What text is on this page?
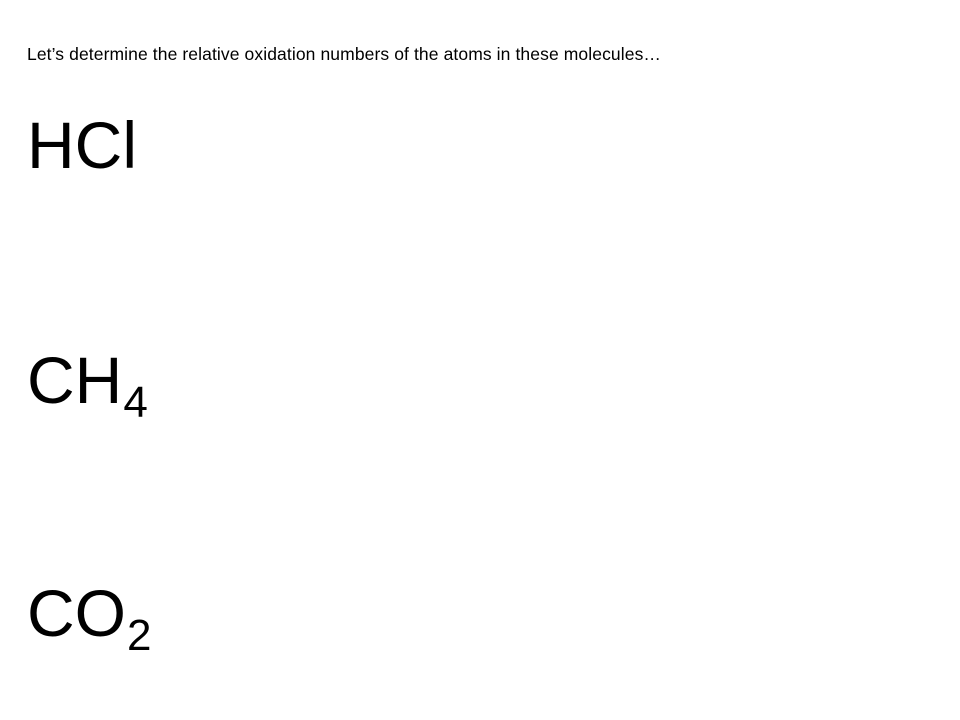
Let’s determine the relative oxidation numbers of the atoms in these molecules…
HCl
$CH_4$
$CO_2$
